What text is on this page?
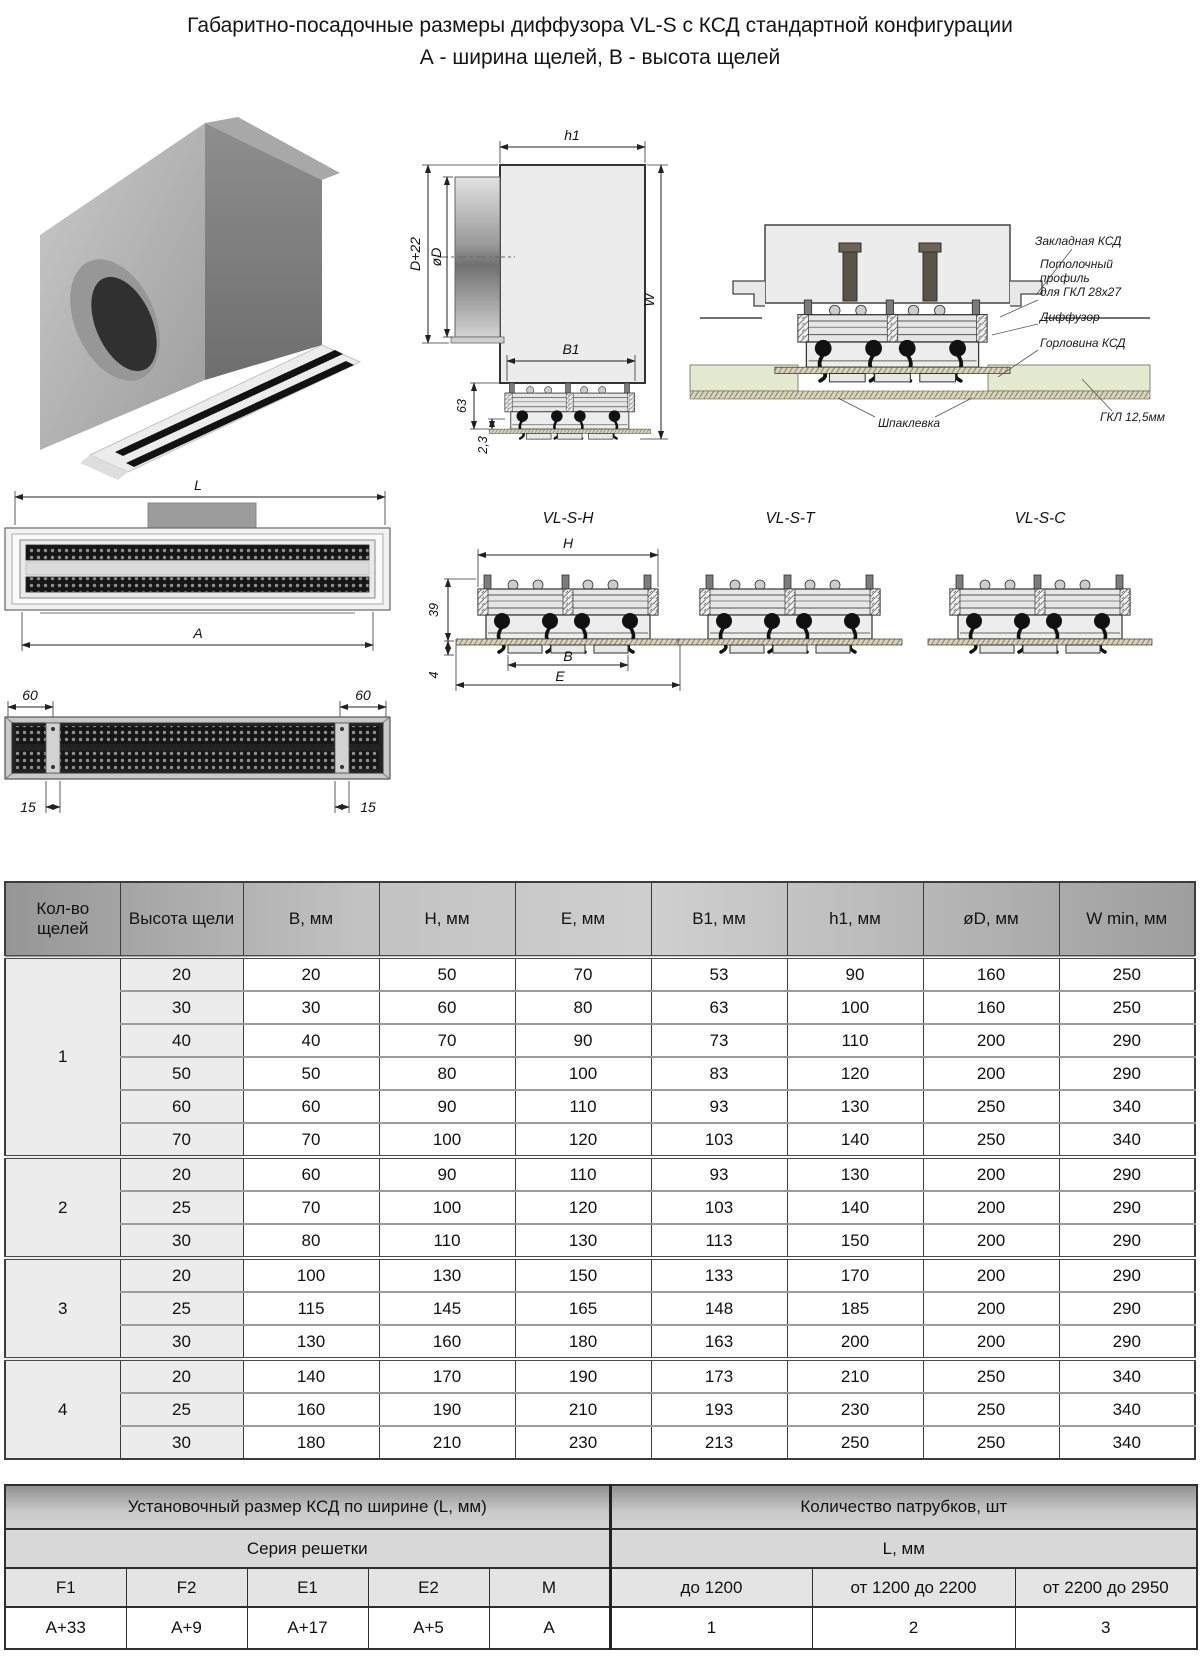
Габаритно-посадочные размеры диффузора VL-S с КСД стандартной конфигурации
А - ширина щелей, В - высота щелей
h1
D+22 øD
W
B1
63
2,3
Закладная КСД
Потолочный
профиль
для ГКЛ 28х27
Диффузор
Горловина КСД
ГКЛ 12,5мм
Шпаклевка
L
A
60	60
15	15
VL-S-H	VL-S-T	VL-S-C
H
39
4
B
E
Кол-во щелей	Высота щели	B, мм	H, мм	E, мм	B1, мм	h1, мм	øD, мм	W min, мм
1	20	20	50	70	53	90	160	250
	30	30	60	80	63	100	160	250
	40	40	70	90	73	110	200	290
	50	50	80	100	83	120	200	290
	60	60	90	110	93	130	250	340
	70	70	100	120	103	140	250	340
2	20	60	90	110	93	130	200	290
	25	70	100	120	103	140	200	290
	30	80	110	130	113	150	200	290
3	20	100	130	150	133	170	200	290
	25	115	145	165	148	185	200	290
	30	130	160	180	163	200	200	290
4	20	140	170	190	173	210	250	340
	25	160	190	210	193	230	250	340
	30	180	210	230	213	250	250	340
Установочный размер КСД по ширине (L, мм)					Количество патрубков, шт		
Серия решетки					L, мм		
F1	F2	E1	E2	M	до 1200	от 1200 до 2200	от 2200 до 2950
A+33	A+9	A+17	A+5	A	1	2	3
